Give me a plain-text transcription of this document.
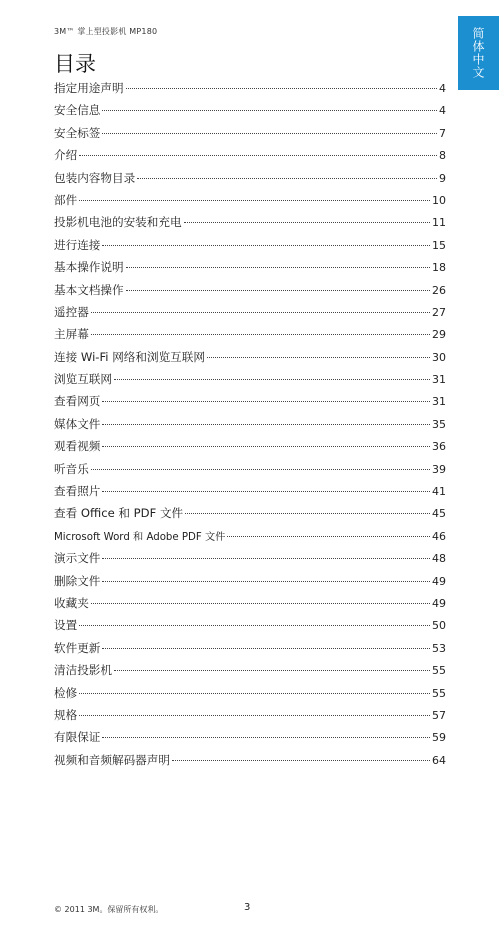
3M™ 掌上型投影机 MP180	简体中文
目录
指定用途声明	4
安全信息	4
安全标签	7
介绍	8
包装内容物目录	9
部件	10
投影机电池的安装和充电	11
进行连接	15
基本操作说明	18
基本文档操作	26
遥控器	27
主屏幕	29
连接 Wi-Fi 网络和浏览互联网	30
浏览互联网	31
查看网页	31
媒体文件	35
观看视频	36
听音乐	39
查看照片	41
查看 Office 和 PDF 文件	45
Microsoft Word 和 Adobe PDF 文件	46
演示文件	48
删除文件	49
收藏夹	49
设置	50
软件更新	53
清洁投影机	55
检修	55
规格	57
有限保证	59
视频和音频解码器声明	64
© 2011 3M。保留所有权利。	3
